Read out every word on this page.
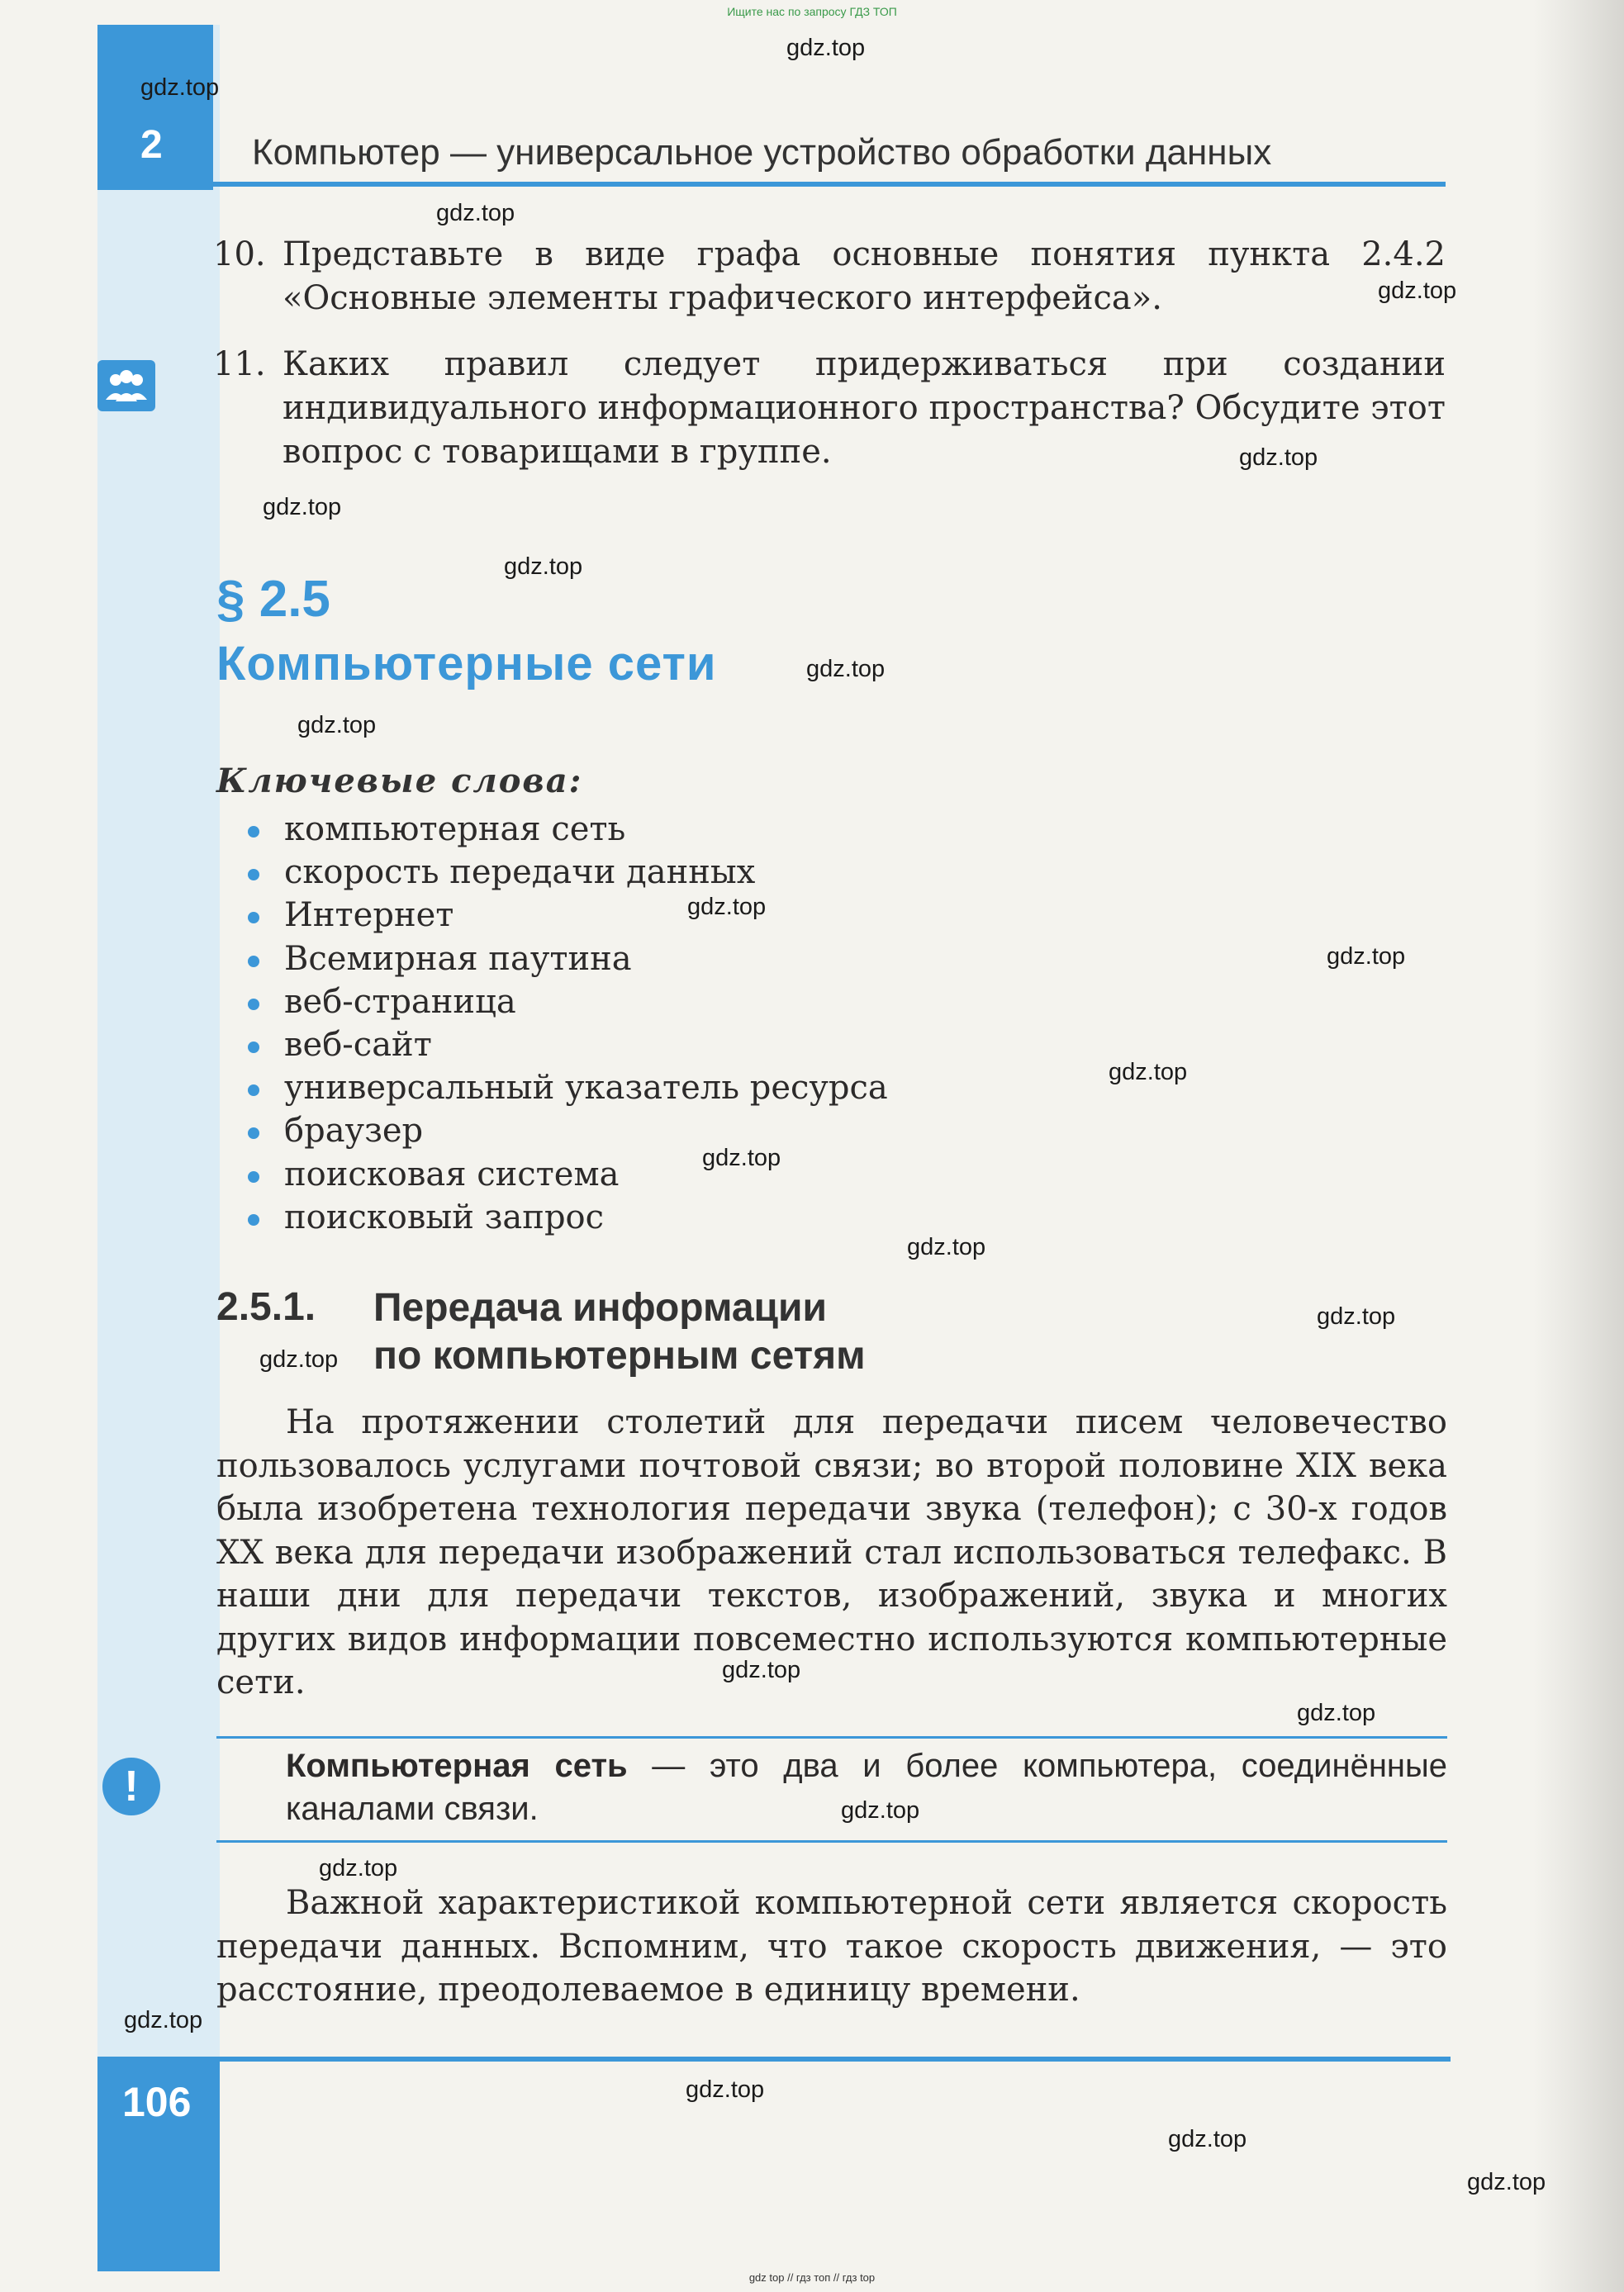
Ищите нас по запросу ГДЗ ТОП
2 Компьютер — универсальное устройство обработки данных
10. Представьте в виде графа основные понятия пункта 2.4.2 «Основные элементы графического интерфейса».
11. Каких правил следует придерживаться при создании индивидуального информационного пространства? Обсудите этот вопрос с товарищами в группе.
§ 2.5
Компьютерные сети
Ключевые слова:
компьютерная сеть
скорость передачи данных
Интернет
Всемирная паутина
веб-страница
веб-сайт
универсальный указатель ресурса
браузер
поисковая система
поисковый запрос
2.5.1. Передача информации
по компьютерным сетям
На протяжении столетий для передачи писем человечество пользовалось услугами почтовой связи; во второй половине XIX века была изобретена технология передачи звука (телефон); с 30-х годов XX века для передачи изображений стал использоваться телефакс. В наши дни для передачи текстов, изображений, звука и многих других видов информации повсеместно используются компьютерные сети.
!	Компьютерная сеть — это два и более компьютера, соединённые каналами связи.
Важной характеристикой компьютерной сети является скорость передачи данных. Вспомним, что такое скорость движения, — это расстояние, преодолеваемое в единицу времени.
106
gdz.top
gdz.top
gdz.top
gdz.top
gdz.top
gdz.top
gdz.top
gdz.top
gdz.top
gdz.top
gdz.top
gdz.top
gdz.top
gdz.top
gdz.top
gdz.top
gdz.top
gdz.top
gdz.top
gdz.top
gdz.top
gdz.top
gdz.top
gdz.top
gdz top // гдз топ // гдз top
